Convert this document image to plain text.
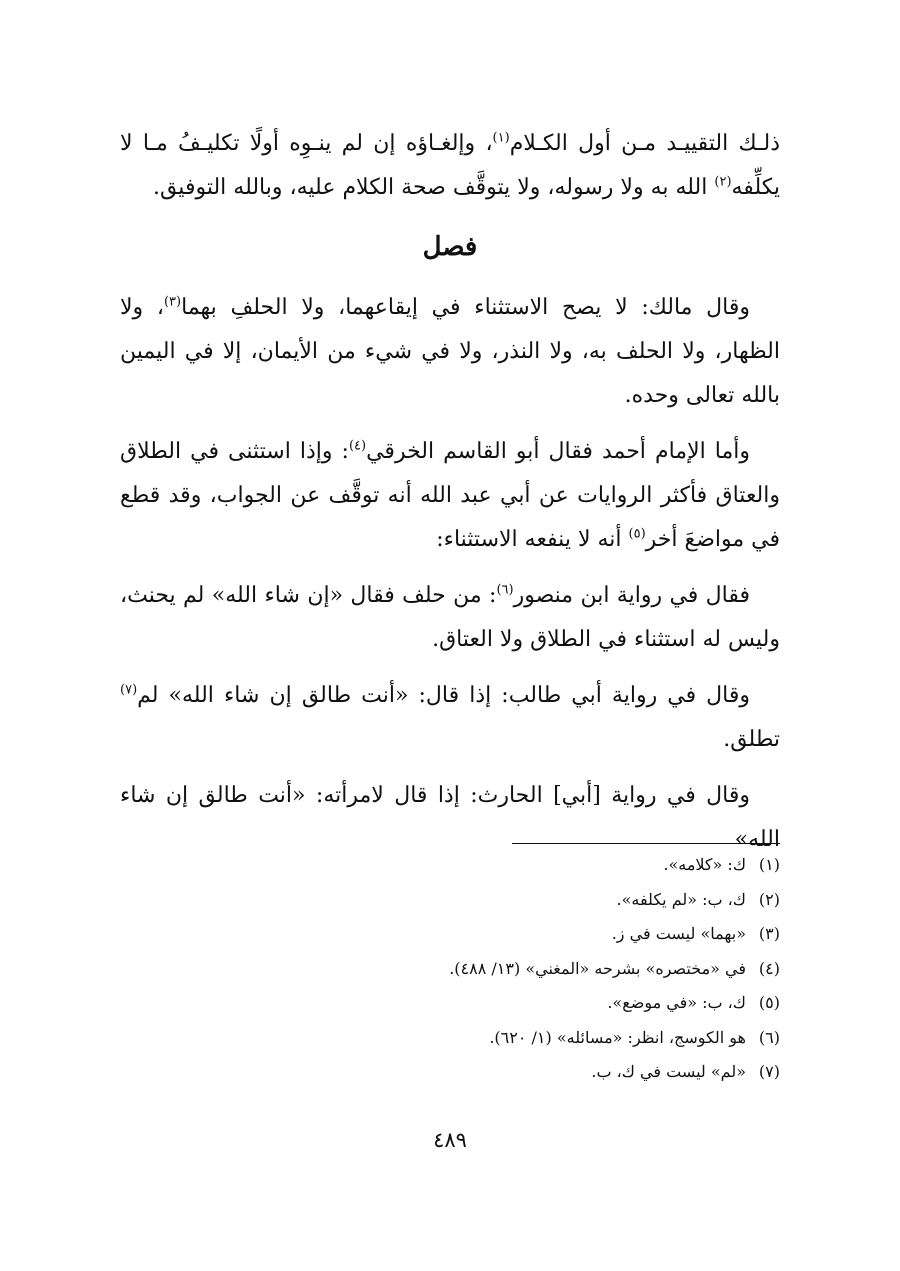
ذلـك التقييـد مـن أول الكـلام$^{(١)}$، وإلغـاؤه إن لم ينـوِه أولًا تكليـفُ مـا لا يكلِّفه$^{(٢)}$ الله به ولا رسوله، ولا يتوقَّف صحة الكلام عليه، وبالله التوفيق.

فصل

وقال مالك: لا يصح الاستثناء في إيقاعهما، ولا الحلفِ بهما$^{(٣)}$، ولا الظهار، ولا الحلف به، ولا النذر، ولا في شيء من الأيمان، إلا في اليمين بالله تعالى وحده.

وأما الإمام أحمد فقال أبو القاسم الخرقي$^{(٤)}$: وإذا استثنى في الطلاق والعتاق فأكثر الروايات عن أبي عبد الله أنه توقَّف عن الجواب، وقد قطع في مواضعَ أخر$^{(٥)}$ أنه لا ينفعه الاستثناء:

فقال في رواية ابن منصور$^{(٦)}$: من حلف فقال «إن شاء الله» لم يحنث، وليس له استثناء في الطلاق ولا العتاق.

وقال في رواية أبي طالب: إذا قال: «أنت طالق إن شاء الله» لم$^{(٧)}$ تطلق.

وقال في رواية [أبي] الحارث: إذا قال لامرأته: «أنت طالق إن شاء الله»

(١)ك: «كلامه».
(٢)ك، ب: «لم يكلفه».
(٣)«بهما» ليست في ز.
(٤)في «مختصره» بشرحه «المغني» (١٣/ ٤٨٨).
(٥)ك، ب: «في موضع».
(٦)هو الكوسج، انظر: «مسائله» (١/ ٦٢٠).
(٧)«لم» ليست في ك، ب.
٤٨٩
